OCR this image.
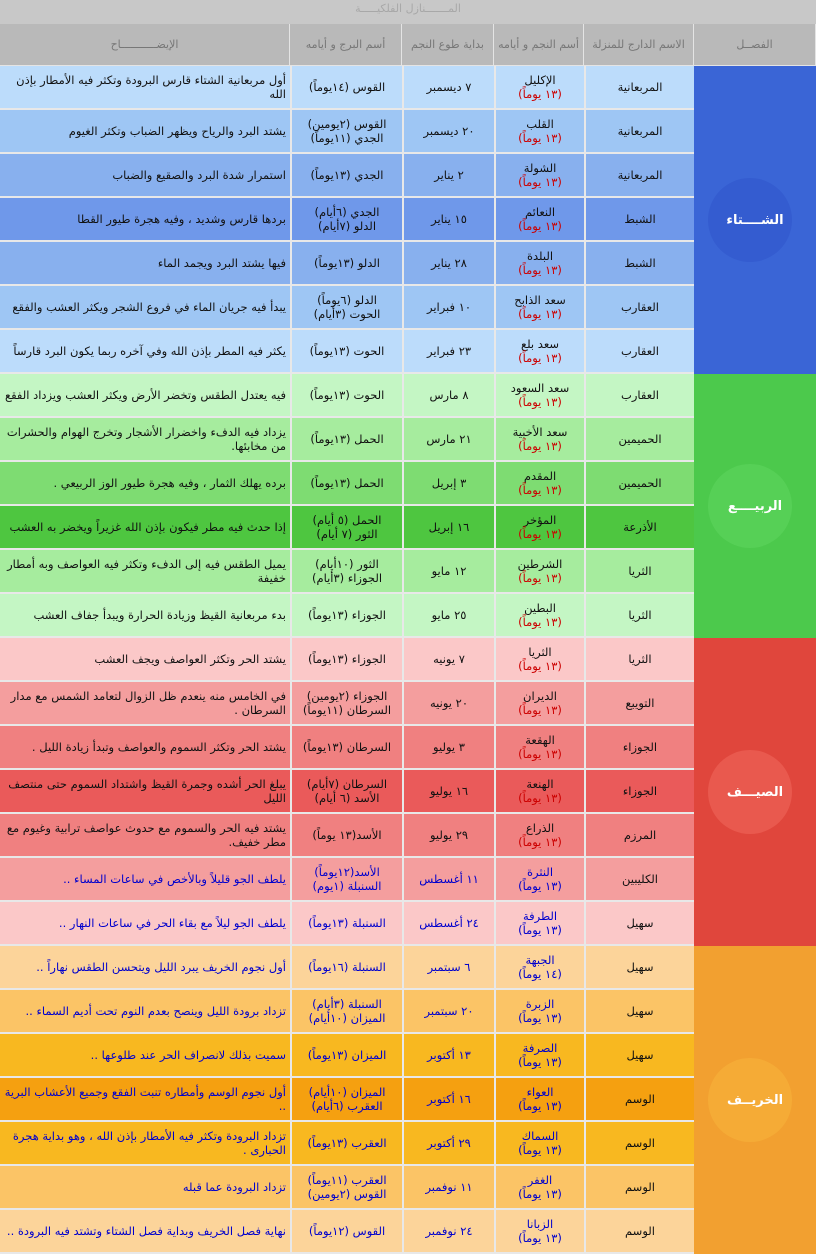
المـــــــنازل الفلكيـــــة
الفصــل
الاسم الدارج للمنزلة
أسم النجم و أيامه
بداية طوع النجم
أسم البرج و أيامه
الإيضـــــــــــاح
الشــــتاء
الربيــــع
الصيـــف
الخريــف
المربعانية
الإكليل
(١٣ يوماً)
٧ ديسمبر
القوس (١٤يوماً)
أول مربعانية الشتاء قارس البرودة وتكثر فيه الأمطار بإذن الله
المربعانية
القلب
(١٣ يوماً)
٢٠ ديسمبر
القوس (٢يومين)
الجدي (١١يوماً)
يشتد البرد والرياح ويظهر الضباب وتكثر الغيوم
المربعانية
الشولة
(١٣ يوماً)
٢ يناير
الجدي (١٣يوماً)
استمرار شدة البرد والصقيع والضباب
الشبط
النعائم
(١٣ يوماً)
١٥ يناير
الجدي (٦أيام)
الدلو (٧أيام)
بردها قارس وشديد ، وفيه هجرة طيور القطا
الشبط
البلدة
(١٣ يوماً)
٢٨ يناير
الدلو (١٣يوماً)
فيها يشتد البرد ويجمد الماء
العقارب
سعد الذابح
(١٣ يوماً)
١٠ فبراير
الدلو (٦يوماً)
الحوت (٣أيام)
يبدأ فيه جريان الماء في فروع الشجر ويكثر العشب والفقع
العقارب
سعد بلع
(١٣ يوماً)
٢٣ فبراير
الحوت (١٣يوماً)
يكثر فيه المطر بإذن الله وفي آخره ربما يكون البرد قارساً
العقارب
سعد السعود
(١٣ يوماً)
٨ مارس
الحوت (١٣يوماً)
فيه يعتدل الطقس وتخضر الأرض ويكثر العشب ويزداد الفقع
الحميمين
سعد الأخبية
(١٣ يوماً)
٢١ مارس
الحمل (١٣يوماً)
يزداد فيه الدفء واخضرار الأشجار وتخرج الهوام والحشرات من مخابئها.
الحميمين
المقدم
(١٣ يوماً)
٣ إبريل
الحمل (١٣يوماً)
برده يهلك الثمار ، وفيه هجرة طيور الوز الربيعي .
الأذرعة
المؤخر
(١٣ يوماً)
١٦ إبريل
الحمل (٥ أيام)
الثور (٧ أيام)
إذا حدث فيه مطر فيكون بإذن الله غزيراً ويخضر به العشب
الثريا
الشرطين
(١٣ يوماً)
١٢ مايو
الثور (١٠أيام)
الجوزاء (٣أيام)
يميل الطقس فيه إلى الدفء وتكثر فيه العواصف وبه أمطار خفيفة
الثريا
البطين
(١٣ يوماً)
٢٥ مايو
الجوزاء (١٣يوماً)
بدء مربعانية القيظ وزيادة الحرارة ويبدأ جفاف العشب
الثريا
الثريا
(١٣ يوماً)
٧ يونيه
الجوزاء (١٣يوماً)
يشتد الحر وتكثر العواصف ويجف العشب
التويبع
الديران
(١٣ يوماً)
٢٠ يونيه
الجوزاء (٢يومين)
السرطان (١١يوماً)
في الخامس منه ينعدم ظل الزوال لتعامد الشمس مع مدار السرطان .
الجوزاء
الهقعة
(١٣ يوماً)
٣ يوليو
السرطان (١٣يوماً)
يشتد الحر وتكثر السموم والعواصف وتبدأ زيادة الليل .
الجوزاء
الهنعة
(١٣ يوماً)
١٦ يوليو
السرطان (٧أيام)
الأسد (٦ أيام)
يبلغ الحر أشده وجمرة القيظ واشتداد السموم حتى منتصف الليل
المرزم
الذراع
(١٣ يوماً)
٢٩ يوليو
الأسد(١٣ يوماً)
يشتد فيه الحر والسموم مع حدوث عواصف ترابية وغيوم مع مطر خفيف.
الكليبين
النثرة
(١٣ يوماً)
١١ أغسطس
الأسد(١٢يوماً)
السنبلة (١يوم)
يلطف الجو قليلاً وبالأخص في ساعات المساء ..
سهيل
الطرفة
(١٣ يوماً)
٢٤ أغسطس
السنبلة (١٣يوماً)
يلطف الجو ليلاً مع بقاء الحر في ساعات النهار ..
سهيل
الجبهة
(١٤ يوماً)
٦ سبتمبر
السنبلة (١٦يوماً)
أول نجوم الخريف يبرد الليل ويتحسن الطقس نهاراً ..
سهيل
الزبرة
(١٣ يوماً)
٢٠ سبتمبر
السنبلة (٣أيام)
الميزان (١٠أيام)
تزداد برودة الليل وينصح بعدم النوم تحت أديم السماء ..
سهيل
الصرفة
(١٣ يوماً)
١٣ أكتوبر
الميزان (١٣يوماً)
سميت بذلك لانصراف الحر عند طلوعها ..
الوسم
العواء
(١٣ يوماً)
١٦ أكتوبر
الميزان (١٠أيام)
العقرب (٦أيام)
أول نجوم الوسم وأمطاره تنبت الفقع وجميع الأعشاب البرية ..
الوسم
السماك
(١٣ يوماً)
٢٩ أكتوبر
العقرب (١٣يوماً)
تزداد البرودة وتكثر فيه الأمطار بإذن الله ، وهو بداية هجرة الحبارى .
الوسم
الغفر
(١٣ يوماً)
١١ نوفمبر
العقرب (١١يوماً)
القوس (٢يومين)
تزداد البرودة عما قبله
الوسم
الزبانا
(١٣ يوماً)
٢٤ نوفمبر
القوس (١٢يوماً)
نهاية فصل الخريف وبداية فصل الشتاء وتشتد فيه البرودة ..
